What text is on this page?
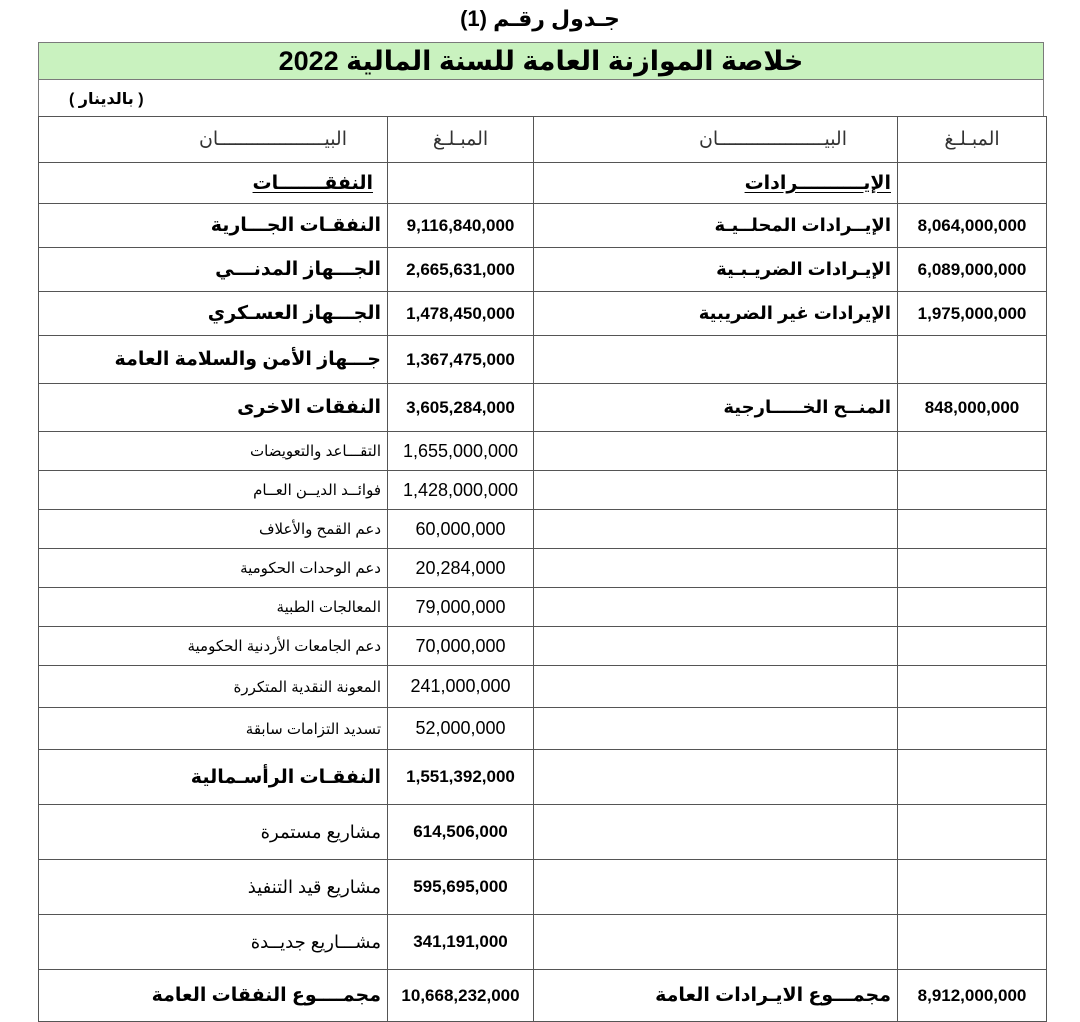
جـدول رقـم (1)
خلاصة الموازنة العامة للسنة المالية 2022
( بالدينار )
البيـــــــــــــــــــان	المبـلـغ	البيـــــــــــــــــــان	المبـلـغ
النفقـــــــات		الإيــــــــــرادات	
النفقـات الجـــارية	9,116,840,000	الإيــرادات المحلــيـة	8,064,000,000
الجـــهاز المدنـــي	2,665,631,000	الإيـرادات الضريـبـية	6,089,000,000
الجـــهاز العسـكري	1,478,450,000	الإيرادات غير الضريبية	1,975,000,000
جـــهاز الأمن والسلامة العامة	1,367,475,000		
النفقات الاخرى	3,605,284,000	المنــح الخـــــارجية	848,000,000
التقـــاعد والتعويضات	1,655,000,000		
فوائــد الديــن العــام	1,428,000,000		
دعم القمح والأعلاف	60,000,000		
دعم الوحدات الحكومية	20,284,000		
المعالجات الطبية	79,000,000		
دعم الجامعات الأردنية الحكومية	70,000,000		
المعونة النقدية المتكررة	241,000,000		
تسديد التزامات سابقة	52,000,000		
النفقـات الرأسـمالية	1,551,392,000		
مشاريع مستمرة	614,506,000		
مشاريع قيد التنفيذ	595,695,000		
مشـــاريع جديــدة	341,191,000		
مجمــــوع النفقات العامة	10,668,232,000	مجمـــوع الايـرادات العامة	8,912,000,000
